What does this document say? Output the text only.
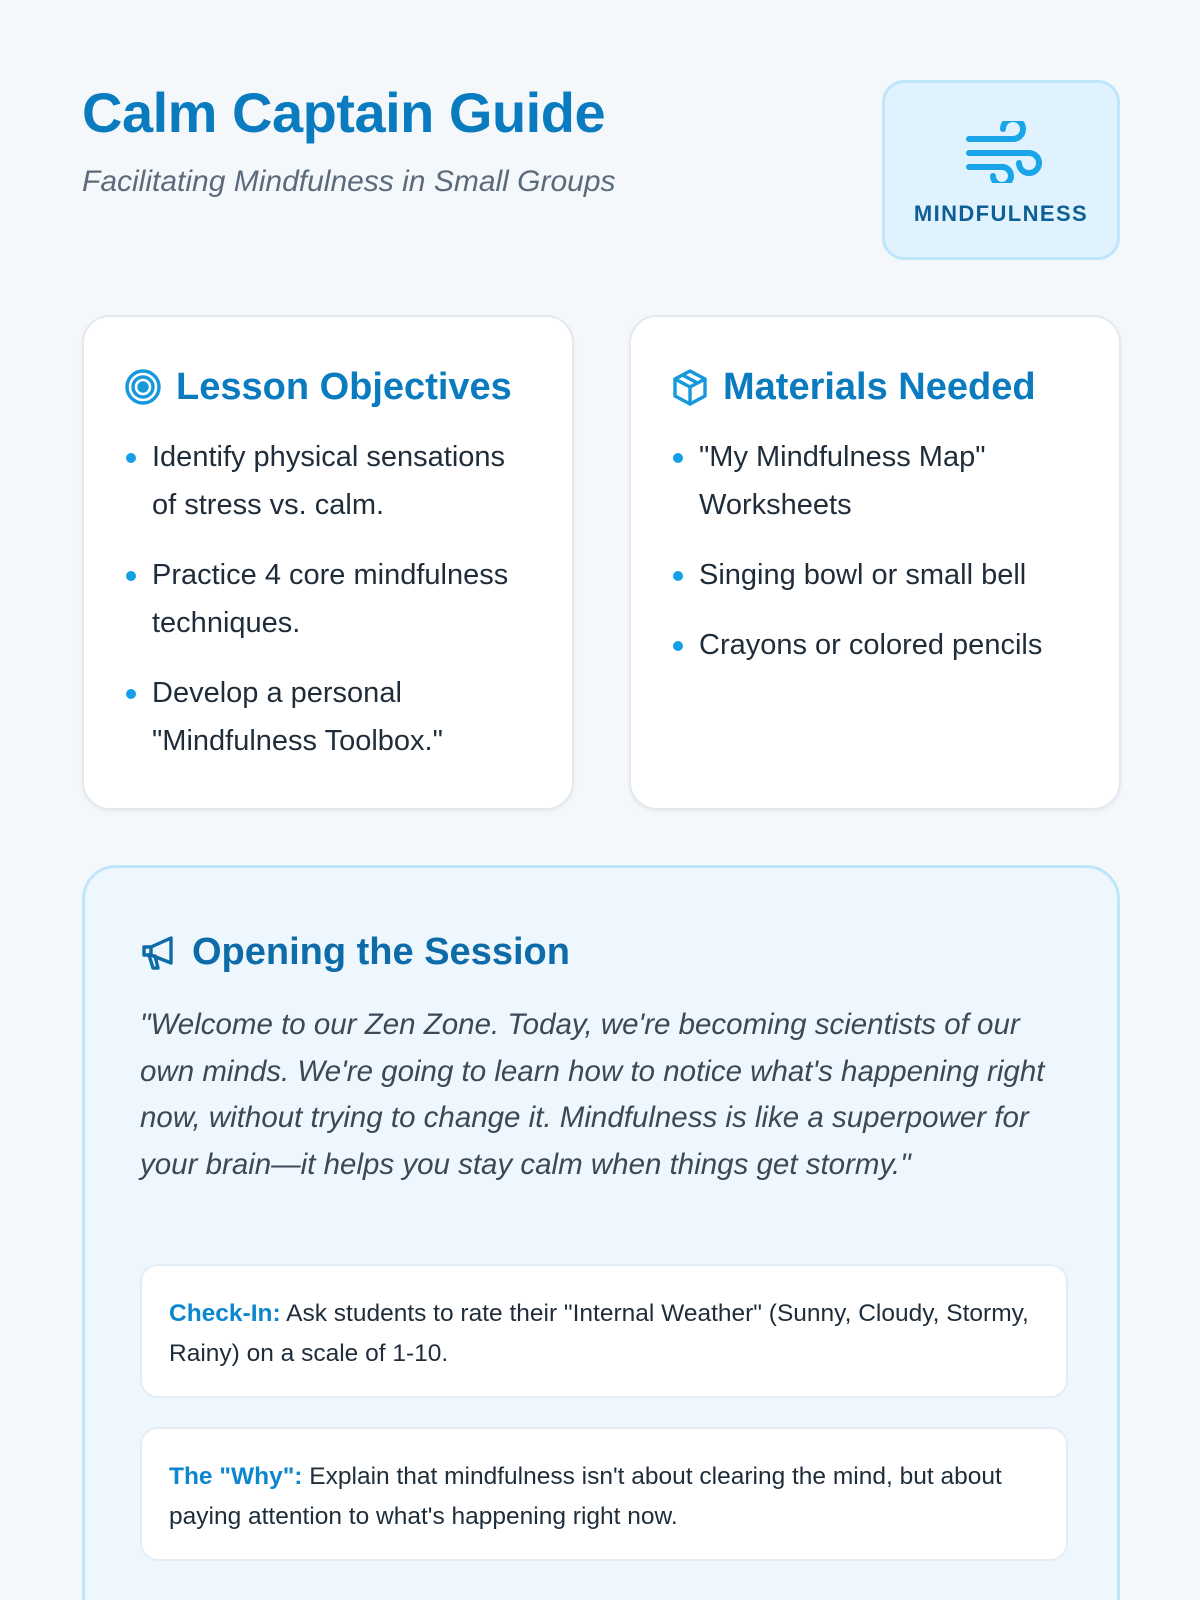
Calm Captain Guide

Facilitating Mindfulness in Small Groups

MINDFULNESS
Lesson Objectives
Identify physical sensations of stress vs. calm.
Practice 4 core mindfulness techniques.
Develop a personal "Mindfulness Toolbox."
Materials Needed
"My Mindfulness Map" Worksheets
Singing bowl or small bell
Crayons or colored pencils
Opening the Session

"Welcome to our Zen Zone. Today, we're becoming scientists of our own minds. We're going to learn how to notice what's happening right now, without trying to change it. Mindfulness is like a superpower for your brain—it helps you stay calm when things get stormy."

Check-In: Ask students to rate their "Internal Weather" (Sunny, Cloudy, Stormy, Rainy) on a scale of 1-10.
The "Why": Explain that mindfulness isn't about clearing the mind, but about paying attention to what's happening right now.
